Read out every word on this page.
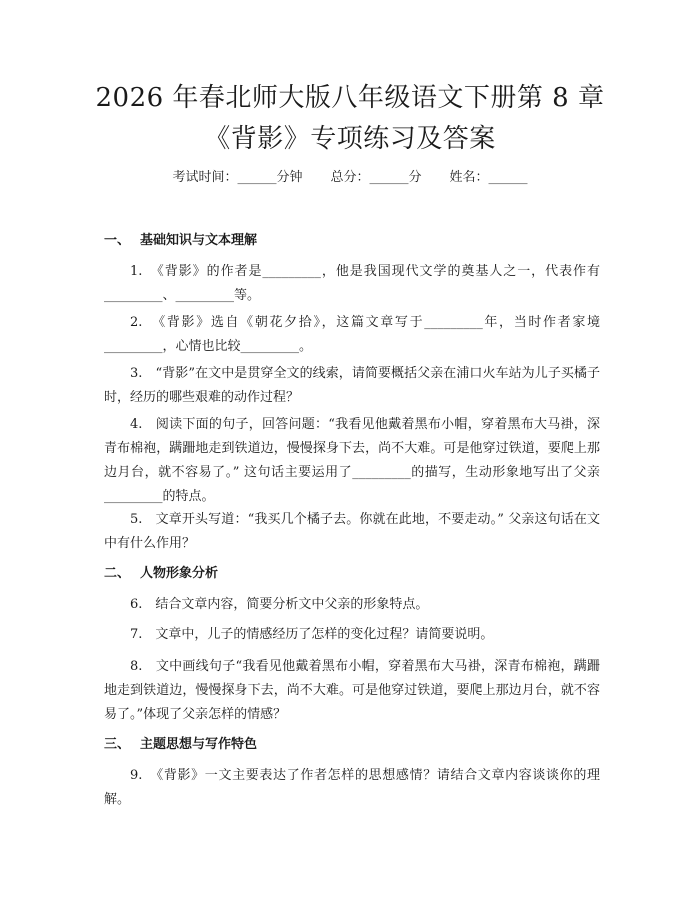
2026 年春北师大版八年级语文下册第 8 章
《背影》专项练习及答案
考试时间：______分钟 总分：______分 姓名：______
一、 基础知识与文本理解
1.　《背影》的作者是_________，他是我国现代文学的奠基人之一，代表作有_________、_________等。
2.　《背影》选自《朝花夕拾》，这篇文章写于_________年，当时作者家境_________，心情也比较_________。
3.　“背影”在文中是贯穿全文的线索，请简要概括父亲在浦口火车站为儿子买橘子时，经历的哪些艰难的动作过程？
4.　阅读下面的句子，回答问题：“我看见他戴着黑布小帽，穿着黑布大马褂，深青布棉袍，蹒跚地走到铁道边，慢慢探身下去，尚不大难。可是他穿过铁道，要爬上那边月台，就不容易了。” 这句话主要运用了_________的描写，生动形象地写出了父亲_________的特点。
5.　文章开头写道：“我买几个橘子去。你就在此地，不要走动。” 父亲这句话在文中有什么作用？
二、 人物形象分析
6.　结合文章内容，简要分析文中父亲的形象特点。
7.　文章中，儿子的情感经历了怎样的变化过程？请简要说明。
8.　文中画线句子“我看见他戴着黑布小帽，穿着黑布大马褂，深青布棉袍，蹒跚地走到铁道边，慢慢探身下去，尚不大难。可是他穿过铁道，要爬上那边月台，就不容易了。”体现了父亲怎样的情感？
三、 主题思想与写作特色
9.　《背影》一文主要表达了作者怎样的思想感情？请结合文章内容谈谈你的理解。
